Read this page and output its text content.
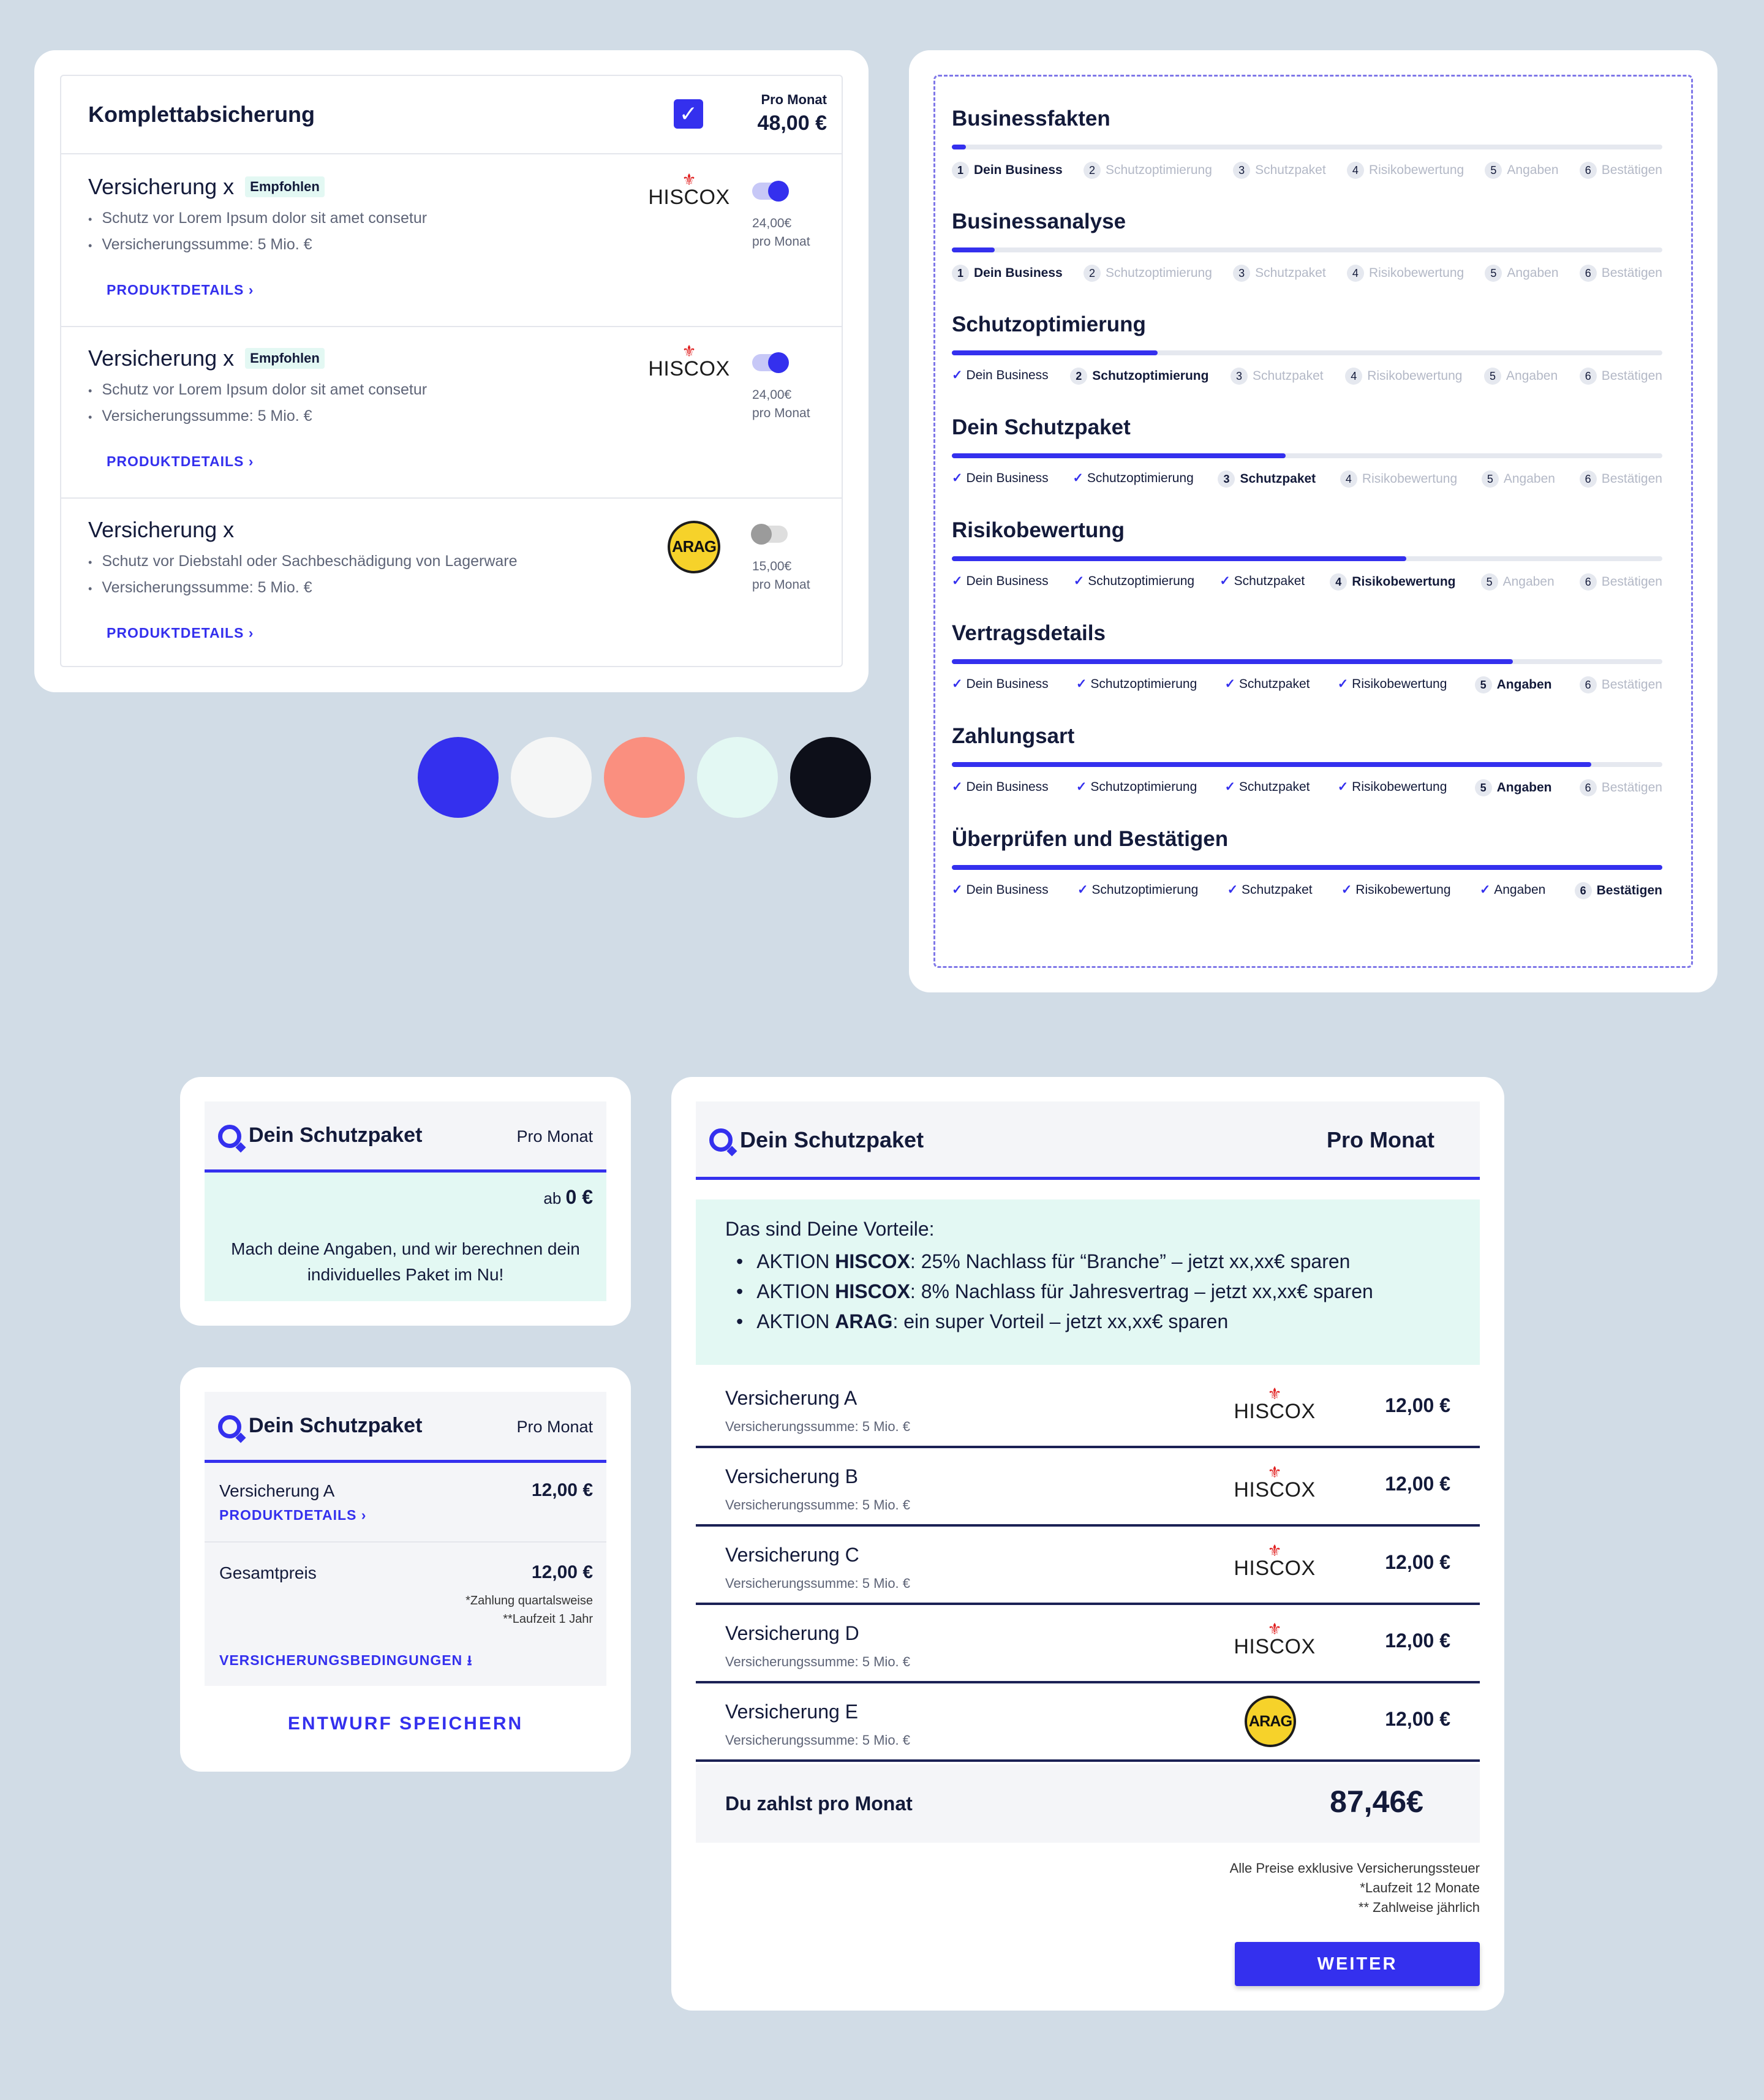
Komplettabsicherung	✓
Pro Monat
48,00 €
Versicherung x	Empfohlen
• Schutz vor Lorem Ipsum dolor sit amet consetur
• Versicherungssumme: 5 Mio. €
PRODUKTDETAILS ›
⚜
HISCOX
24,00€
pro Monat
Versicherung x	Empfohlen
• Schutz vor Lorem Ipsum dolor sit amet consetur
• Versicherungssumme: 5 Mio. €
PRODUKTDETAILS ›
⚜
HISCOX
24,00€
pro Monat
Versicherung x
• Schutz vor Diebstahl oder Sachbeschädigung von Lagerware
• Versicherungssumme: 5 Mio. €
PRODUKTDETAILS ›
ARAG
15,00€
pro Monat
Businessfakten
1 Dein Business	2 Schutzoptimierung	3 Schutzpaket	4 Risikobewertung	5 Angaben	6 Bestätigen
Businessanalyse
1 Dein Business	2 Schutzoptimierung	3 Schutzpaket	4 Risikobewertung	5 Angaben	6 Bestätigen
Schutzoptimierung
✓ Dein Business	2 Schutzoptimierung	3 Schutzpaket	4 Risikobewertung	5 Angaben	6 Bestätigen
Dein Schutzpaket
✓ Dein Business ✓ Schutzoptimierung	3 Schutzpaket	4 Risikobewertung	5 Angaben	6 Bestätigen
Risikobewertung
✓ Dein Business ✓ Schutzoptimierung ✓ Schutzpaket	4 Risikobewertung	5 Angaben	6 Bestätigen
Vertragsdetails
✓ Dein Business ✓ Schutzoptimierung ✓ Schutzpaket ✓ Risikobewertung	5 Angaben	6 Bestätigen
Zahlungsart
✓ Dein Business ✓ Schutzoptimierung ✓ Schutzpaket ✓ Risikobewertung	5 Angaben	6 Bestätigen
Überprüfen und Bestätigen
✓ Dein Business ✓ Schutzoptimierung ✓ Schutzpaket ✓ Risikobewertung ✓ Angaben	6 Bestätigen
Dein Schutzpaket	Pro Monat
ab 0 €
Mach deine Angaben, und wir berechnen dein individuelles Paket im Nu!
Dein Schutzpaket	Pro Monat
Versicherung A	12,00 €
PRODUKTDETAILS ›
Gesamtpreis	12,00 €
*Zahlung quartalsweise
**Laufzeit 1 Jahr
VERSICHERUNGSBEDINGUNGEN ⭳
ENTWURF SPEICHERN
Dein Schutzpaket	Pro Monat
Das sind Deine Vorteile:
• AKTION HISCOX: 25% Nachlass für “Branche” – jetzt xx,xx€ sparen
• AKTION HISCOX: 8% Nachlass für Jahresvertrag – jetzt xx,xx€ sparen
• AKTION ARAG: ein super Vorteil – jetzt xx,xx€ sparen
Versicherung A
Versicherungssumme: 5 Mio. €
⚜
HISCOX	12,00 €
Versicherung B
Versicherungssumme: 5 Mio. €
⚜
HISCOX	12,00 €
Versicherung C
Versicherungssumme: 5 Mio. €
⚜
HISCOX	12,00 €
Versicherung D
Versicherungssumme: 5 Mio. €
⚜
HISCOX	12,00 €
Versicherung E
Versicherungssumme: 5 Mio. €
ARAG	12,00 €
Du zahlst pro Monat	87,46€
Alle Preise exklusive Versicherungssteuer
*Laufzeit 12 Monate
** Zahlweise jährlich
WEITER
